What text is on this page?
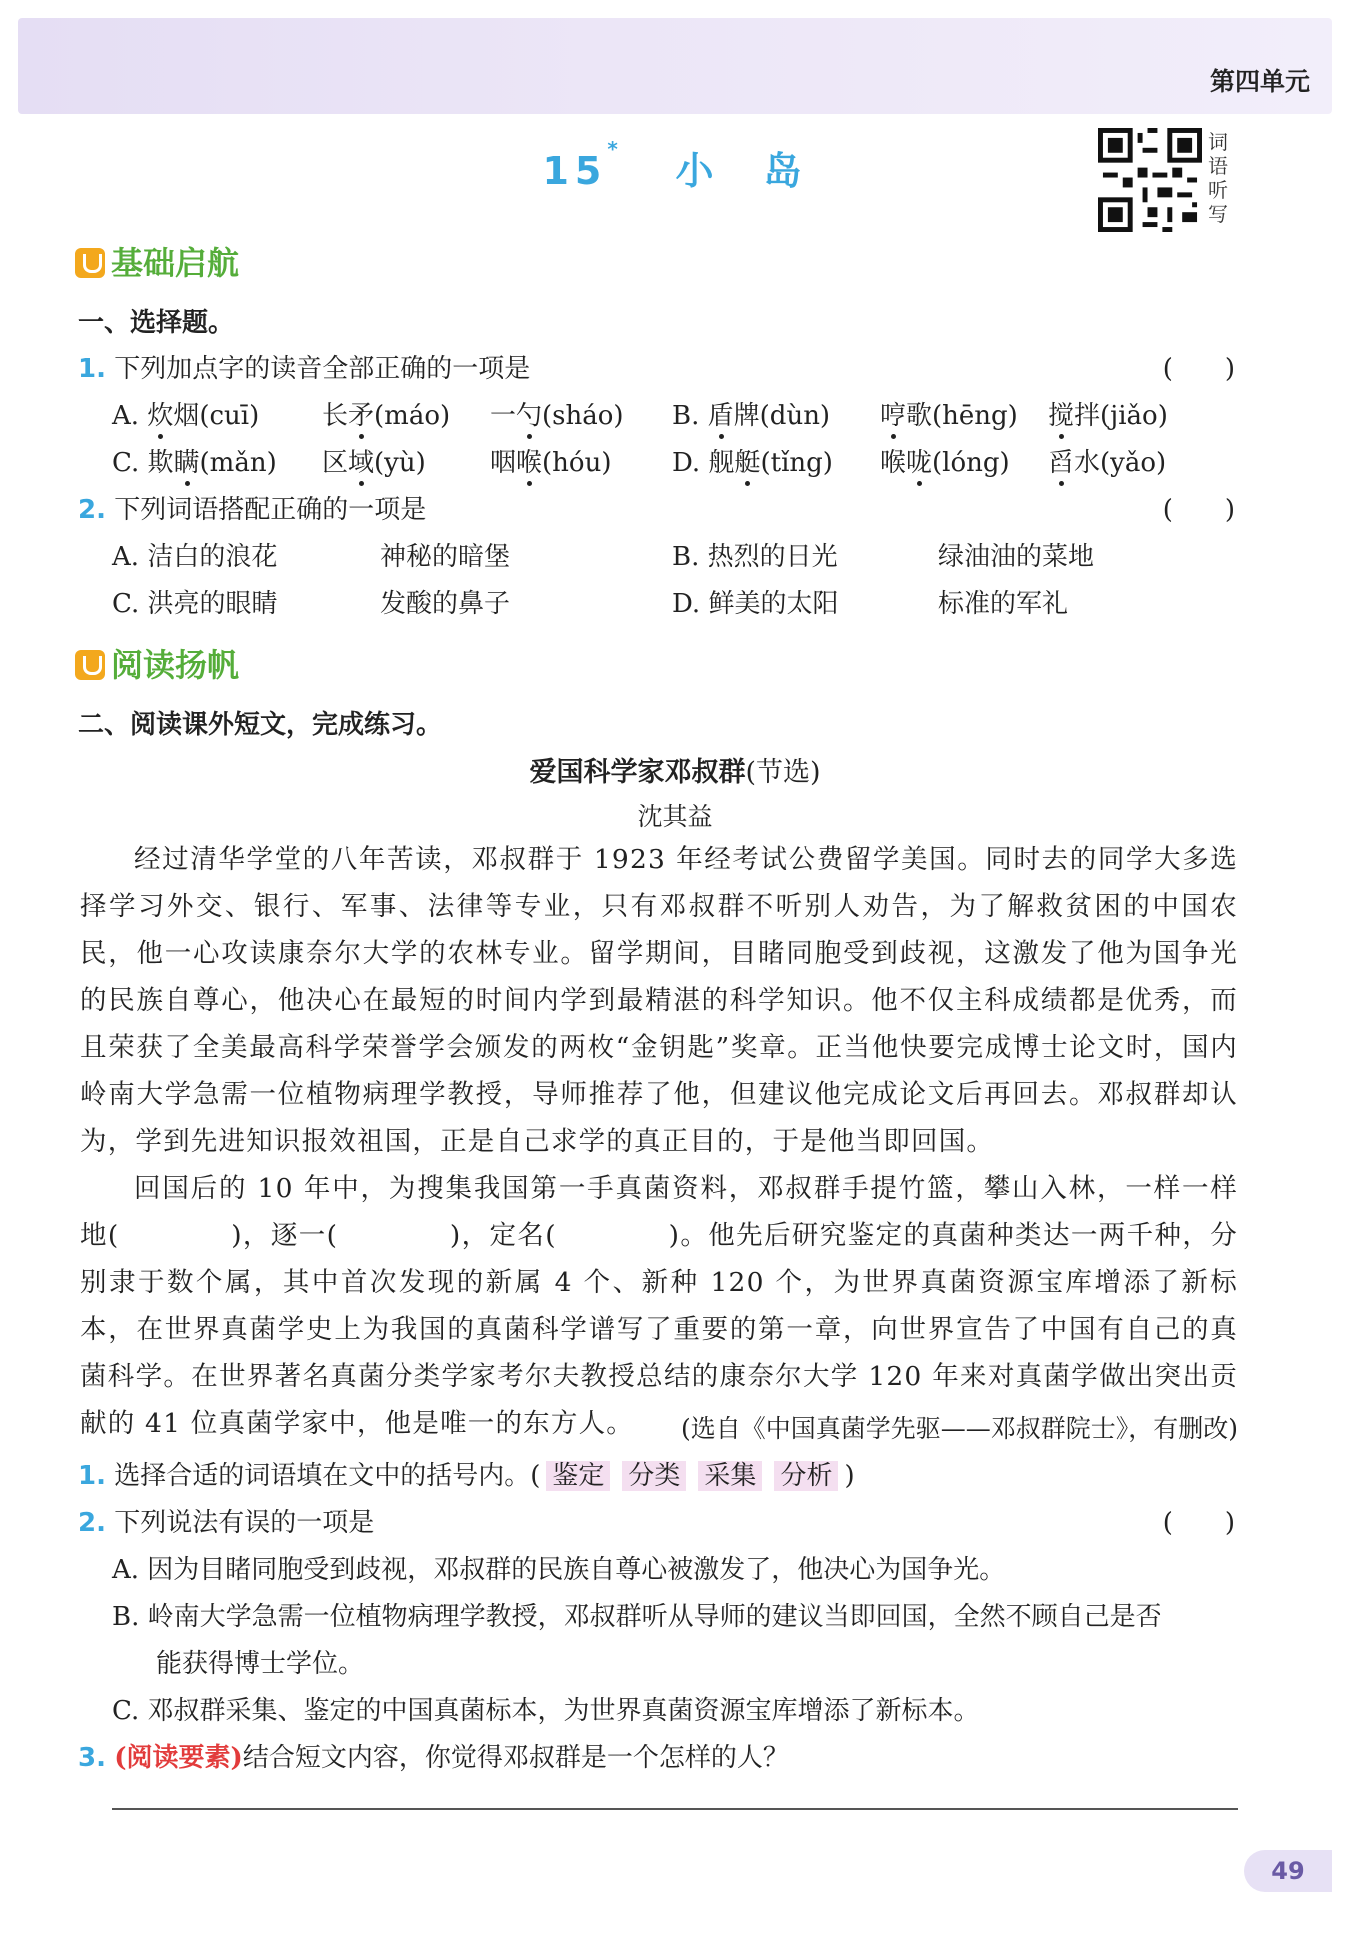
第四单元
15* 小　岛
词语听写
基础启航
一、选择题。
1. 下列加点字的读音全部正确的一项是	(　　)
A. 炊烟(cuī) 长矛(máo) 一勺(sháo) B. 盾牌(dùn) 哼歌(hēng) 搅拌(jiǎo)
C. 欺瞒(mǎn) 区域(yù) 咽喉(hóu) D. 舰艇(tǐng) 喉咙(lóng) 舀水(yǎo)
2. 下列词语搭配正确的一项是	(　　)
A. 洁白的浪花	神秘的暗堡	B. 热烈的日光	绿油油的菜地
C. 洪亮的眼睛	发酸的鼻子	D. 鲜美的太阳	标准的军礼
阅读扬帆
二、阅读课外短文，完成练习。
爱国科学家邓叔群(节选)
沈其益
经过清华学堂的八年苦读，邓叔群于 1923 年经考试公费留学美国。同时去的同学大多选择学习外交、银行、军事、法律等专业，只有邓叔群不听别人劝告，为了解救贫困的中国农民，他一心攻读康奈尔大学的农林专业。留学期间，目睹同胞受到歧视，这激发了他为国争光的民族自尊心，他决心在最短的时间内学到最精湛的科学知识。他不仅主科成绩都是优秀，而且荣获了全美最高科学荣誉学会颁发的两枚“金钥匙”奖章。正当他快要完成博士论文时，国内岭南大学急需一位植物病理学教授，导师推荐了他，但建议他完成论文后再回去。邓叔群却认为，学到先进知识报效祖国，正是自己求学的真正目的，于是他当即回国。
回国后的 10 年中，为搜集我国第一手真菌资料，邓叔群手提竹篮，攀山入林，一样一样地(　　　　)，逐一(　　　　)，定名(　　　　)。他先后研究鉴定的真菌种类达一两千种，分别隶于数个属，其中首次发现的新属 4 个、新种 120 个，为世界真菌资源宝库增添了新标本，在世界真菌学史上为我国的真菌科学谱写了重要的第一章，向世界宣告了中国有自己的真菌科学。在世界著名真菌分类学家考尔夫教授总结的康奈尔大学 120 年来对真菌学做出突出贡献的 41 位真菌学家中，他是唯一的东方人。	(选自《中国真菌学先驱——邓叔群院士》，有删改)
1. 选择合适的词语填在文中的括号内。( 鉴定 分类 采集 分析 )
2. 下列说法有误的一项是	(　　)
A. 因为目睹同胞受到歧视，邓叔群的民族自尊心被激发了，他决心为国争光。
B. 岭南大学急需一位植物病理学教授，邓叔群听从导师的建议当即回国，全然不顾自己是否
能获得博士学位。
C. 邓叔群采集、鉴定的中国真菌标本，为世界真菌资源宝库增添了新标本。
3. (阅读要素)结合短文内容，你觉得邓叔群是一个怎样的人？
49
